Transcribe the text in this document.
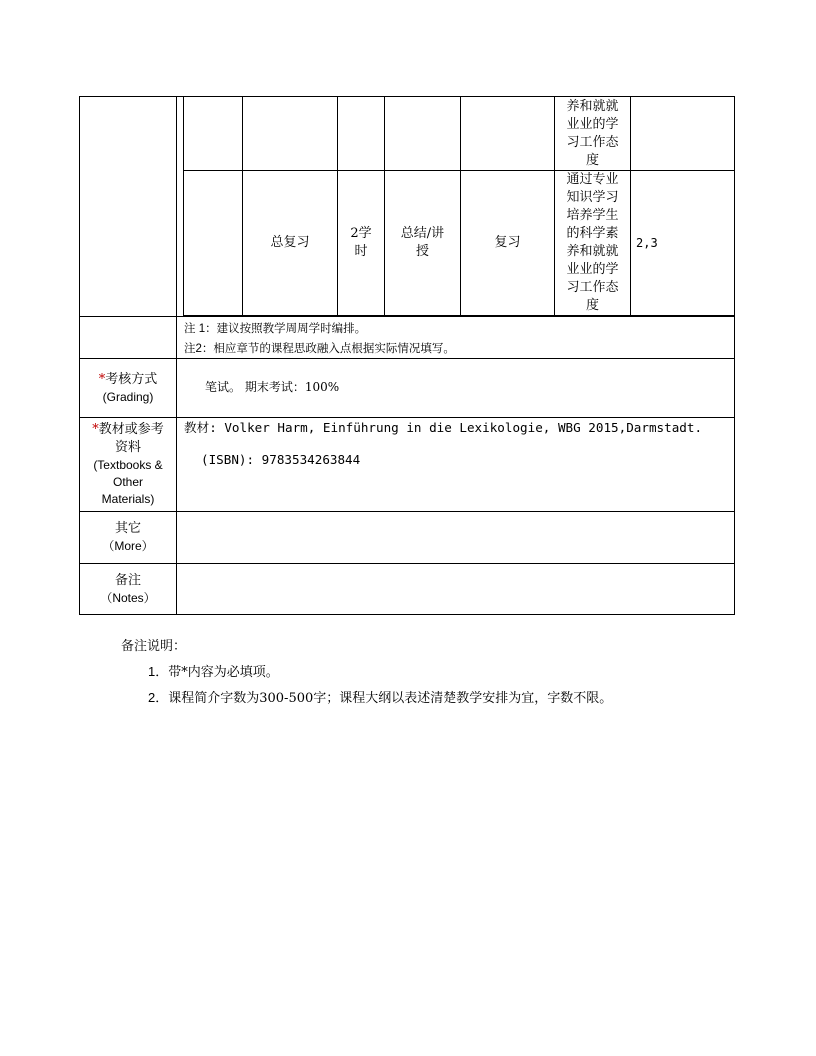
养和就就
业业的学
习工作态
度
总复习
2学
时
总结/讲
授
复习
通过专业
知识学习
培养学生
的科学素
养和就就
业业的学
习工作态
度
2,3
注 1：建议按照教学周周学时编排。
注2：相应章节的课程思政融入点根据实际情况填写。
*考核方式
(Grading)
笔试。 期末考试：100%
*教材或参考
资料
(Textbooks &
Other
Materials)
教材: Volker Harm, Einführung in die Lexikologie, WBG 2015,Darmstadt.
(ISBN): 9783534263844
其它
（More）
备注
（Notes）
备注说明：
1．带*内容为必填项。
2．课程简介字数为300-500字；课程大纲以表述清楚教学安排为宜，字数不限。
